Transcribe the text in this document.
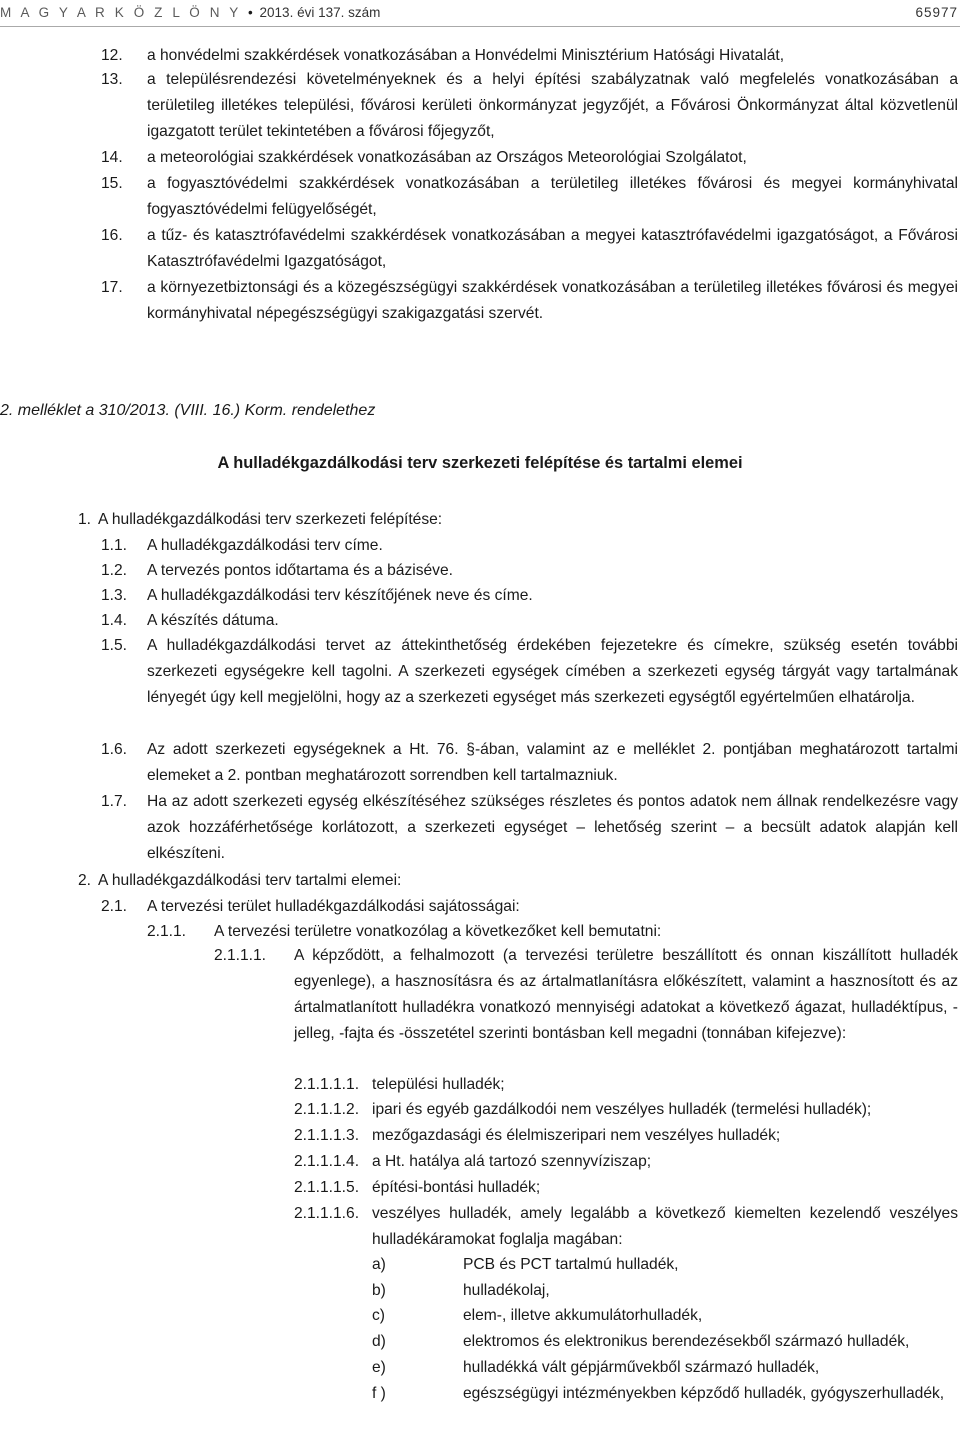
M A G Y A R K Ö Z L Ö N Y • 2013. évi 137. szám	65977
12. a honvédelmi szakkérdések vonatkozásában a Honvédelmi Minisztérium Hatósági Hivatalát,
13. a településrendezési követelményeknek és a helyi építési szabályzatnak való megfelelés vonatkozásában a területileg illetékes települési, fővárosi kerületi önkormányzat jegyzőjét, a Fővárosi Önkormányzat által közvetlenül igazgatott terület tekintetében a fővárosi főjegyzőt,
14. a meteorológiai szakkérdések vonatkozásában az Országos Meteorológiai Szolgálatot,
15. a fogyasztóvédelmi szakkérdések vonatkozásában a területileg illetékes fővárosi és megyei kormányhivatal fogyasztóvédelmi felügyelőségét,
16. a tűz- és katasztrófavédelmi szakkérdések vonatkozásában a megyei katasztrófavédelmi igazgatóságot, a Fővárosi Katasztrófavédelmi Igazgatóságot,
17. a környezetbiztonsági és a közegészségügyi szakkérdések vonatkozásában a területileg illetékes fővárosi és megyei kormányhivatal népegészségügyi szakigazgatási szervét.
2. melléklet a 310/2013. (VIII. 16.) Korm. rendelethez
A hulladékgazdálkodási terv szerkezeti felépítése és tartalmi elemei
1. A hulladékgazdálkodási terv szerkezeti felépítése:
1.1. A hulladékgazdálkodási terv címe.
1.2. A tervezés pontos időtartama és a bázisévе.
1.3. A hulladékgazdálkodási terv készítőjének neve és címe.
1.4. A készítés dátuma.
1.5. A hulladékgazdálkodási tervet az áttekinthetőség érdekében fejezetekre és címekre, szükség esetén további szerkezeti egységekre kell tagolni. A szerkezeti egységek címében a szerkezeti egység tárgyát vagy tartalmának lényegét úgy kell megjelölni, hogy az a szerkezeti egységet más szerkezeti egységtől egyértelműen elhatárolja.
1.6. Az adott szerkezeti egységeknek a Ht. 76. §-ában, valamint az e melléklet 2. pontjában meghatározott tartalmi elemeket a 2. pontban meghatározott sorrendben kell tartalmazniuk.
1.7. Ha az adott szerkezeti egység elkészítéséhez szükséges részletes és pontos adatok nem állnak rendelkezésre vagy azok hozzáférhetősége korlátozott, a szerkezeti egységet – lehetőség szerint – a becsült adatok alapján kell elkészíteni.
2. A hulladékgazdálkodási terv tartalmi elemei:
2.1. A tervezési terület hulladékgazdálkodási sajátosságai:
2.1.1. A tervezési területre vonatkozólag a következőket kell bemutatni:
2.1.1.1. A képződött, a felhalmozott (a tervezési területre beszállított és onnan kiszállított hulladék egyenlege), a hasznosításra és az ártalmatlanításra előkészített, valamint a hasznosított és az ártalmatlanított hulladékra vonatkozó mennyiségi adatokat a következő ágazat, hulladéktípus, -jelleg, -fajta és -összetétel szerinti bontásban kell megadni (tonnában kifejezve):
2.1.1.1.1. települési hulladék;
2.1.1.1.2. ipari és egyéb gazdálkodói nem veszélyes hulladék (termelési hulladék);
2.1.1.1.3. mezőgazdasági és élelmiszeripari nem veszélyes hulladék;
2.1.1.1.4. a Ht. hatálya alá tartozó szennyvíziszap;
2.1.1.1.5. építési-bontási hulladék;
2.1.1.1.6. veszélyes hulladék, amely legalább a következő kiemelten kezelendő veszélyes hulladékáramokat foglalja magában:
a)	PCB és PCT tartalmú hulladék,
b)	hulladékolaj,
c)	elem-, illetve akkumulátorhulladék,
d)	elektromos és elektronikus berendezésekből származó hulladék,
e)	hulladékká vált gépjárművekből származó hulladék,
f )	egészségügyi intézményekben képződő hulladék, gyógyszerhulladék,
